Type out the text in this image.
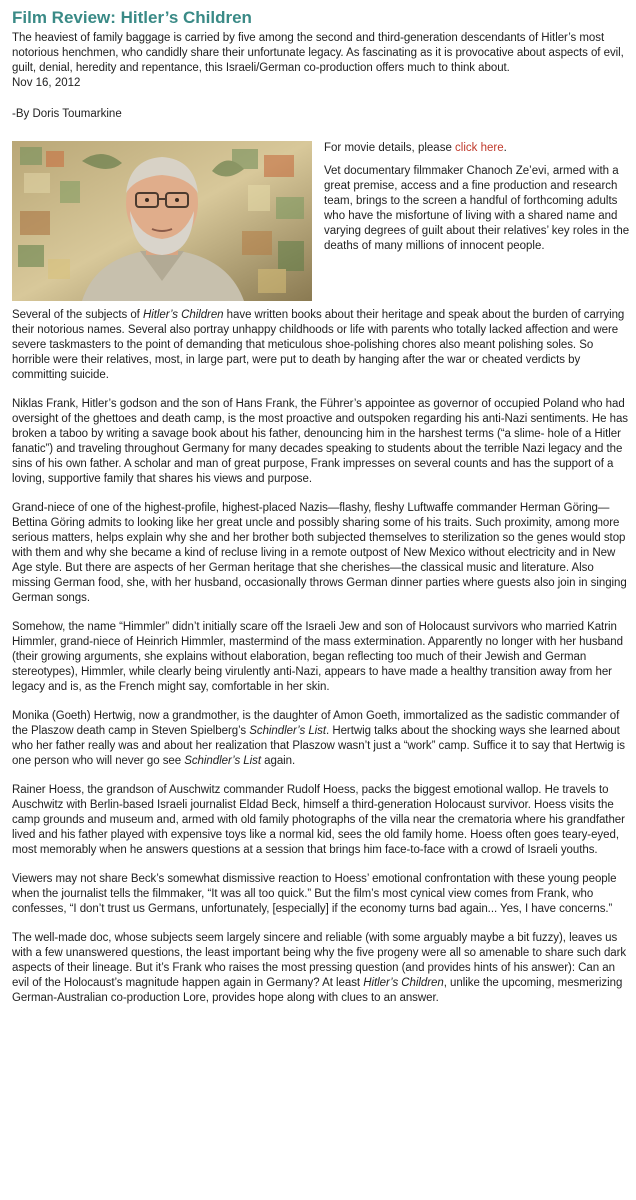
Film Review: Hitler’s Children

The heaviest of family baggage is carried by five among the second and third-generation descendants of Hitler’s most notorious henchmen, who candidly share their unfortunate legacy. As fascinating as it is provocative about aspects of evil, guilt, denial, heredity and repentance, this Israeli/German co-production offers much to think about.

Nov 16, 2012

-By Doris Toumarkine

For movie details, please click here.

Vet documentary filmmaker Chanoch Ze’evi, armed with a great premise, access and a fine production and research team, brings to the screen a handful of forthcoming adults who have the misfortune of living with a shared name and varying degrees of guilt about their relatives’ key roles in the deaths of many millions of innocent people.

Several of the subjects of Hitler’s Children have written books about their heritage and speak about the burden of carrying their notorious names. Several also portray unhappy childhoods or life with parents who totally lacked affection and were severe taskmasters to the point of demanding that meticulous shoe-polishing chores also meant polishing soles. So horrible were their relatives, most, in large part, were put to death by hanging after the war or cheated verdicts by committing suicide.

Niklas Frank, Hitler’s godson and the son of Hans Frank, the Führer’s appointee as governor of occupied Poland who had oversight of the ghettoes and death camp, is the most proactive and outspoken regarding his anti-Nazi sentiments. He has broken a taboo by writing a savage book about his father, denouncing him in the harshest terms (“a slime- hole of a Hitler fanatic”) and traveling throughout Germany for many decades speaking to students about the terrible Nazi legacy and the sins of his own father. A scholar and man of great purpose, Frank impresses on several counts and has the support of a loving, supportive family that shares his views and purpose.

Grand-niece of one of the highest-profile, highest-placed Nazis—flashy, fleshy Luftwaffe commander Herman Göring—Bettina Göring admits to looking like her great uncle and possibly sharing some of his traits. Such proximity, among more serious matters, helps explain why she and her brother both subjected themselves to sterilization so the genes would stop with them and why she became a kind of recluse living in a remote outpost of New Mexico without electricity and in New Age style. But there are aspects of her German heritage that she cherishes—the classical music and literature. Also missing German food, she, with her husband, occasionally throws German dinner parties where guests also join in singing German songs.

Somehow, the name “Himmler” didn’t initially scare off the Israeli Jew and son of Holocaust survivors who married Katrin Himmler, grand-niece of Heinrich Himmler, mastermind of the mass extermination. Apparently no longer with her husband (their growing arguments, she explains without elaboration, began reflecting too much of their Jewish and German stereotypes), Himmler, while clearly being virulently anti-Nazi, appears to have made a healthy transition away from her legacy and is, as the French might say, comfortable in her skin.

Monika (Goeth) Hertwig, now a grandmother, is the daughter of Amon Goeth, immortalized as the sadistic commander of the Plaszow death camp in Steven Spielberg’s Schindler’s List. Hertwig talks about the shocking ways she learned about who her father really was and about her realization that Plaszow wasn’t just a “work” camp. Suffice it to say that Hertwig is one person who will never go see Schindler’s List again.

Rainer Hoess, the grandson of Auschwitz commander Rudolf Hoess, packs the biggest emotional wallop. He travels to Auschwitz with Berlin-based Israeli journalist Eldad Beck, himself a third-generation Holocaust survivor. Hoess visits the camp grounds and museum and, armed with old family photographs of the villa near the crematoria where his grandfather lived and his father played with expensive toys like a normal kid, sees the old family home. Hoess often goes teary-eyed, most memorably when he answers questions at a session that brings him face-to-face with a crowd of Israeli youths.

Viewers may not share Beck’s somewhat dismissive reaction to Hoess’ emotional confrontation with these young people when the journalist tells the filmmaker, “It was all too quick.” But the film’s most cynical view comes from Frank, who confesses, “I don’t trust us Germans, unfortunately, [especially] if the economy turns bad again... Yes, I have concerns.”

The well-made doc, whose subjects seem largely sincere and reliable (with some arguably maybe a bit fuzzy), leaves us with a few unanswered questions, the least important being why the five progeny were all so amenable to share such dark aspects of their lineage. But it’s Frank who raises the most pressing question (and provides hints of his answer): Can an evil of the Holocaust’s magnitude happen again in Germany? At least Hitler’s Children, unlike the upcoming, mesmerizing German-Australian co-production Lore, provides hope along with clues to an answer.
